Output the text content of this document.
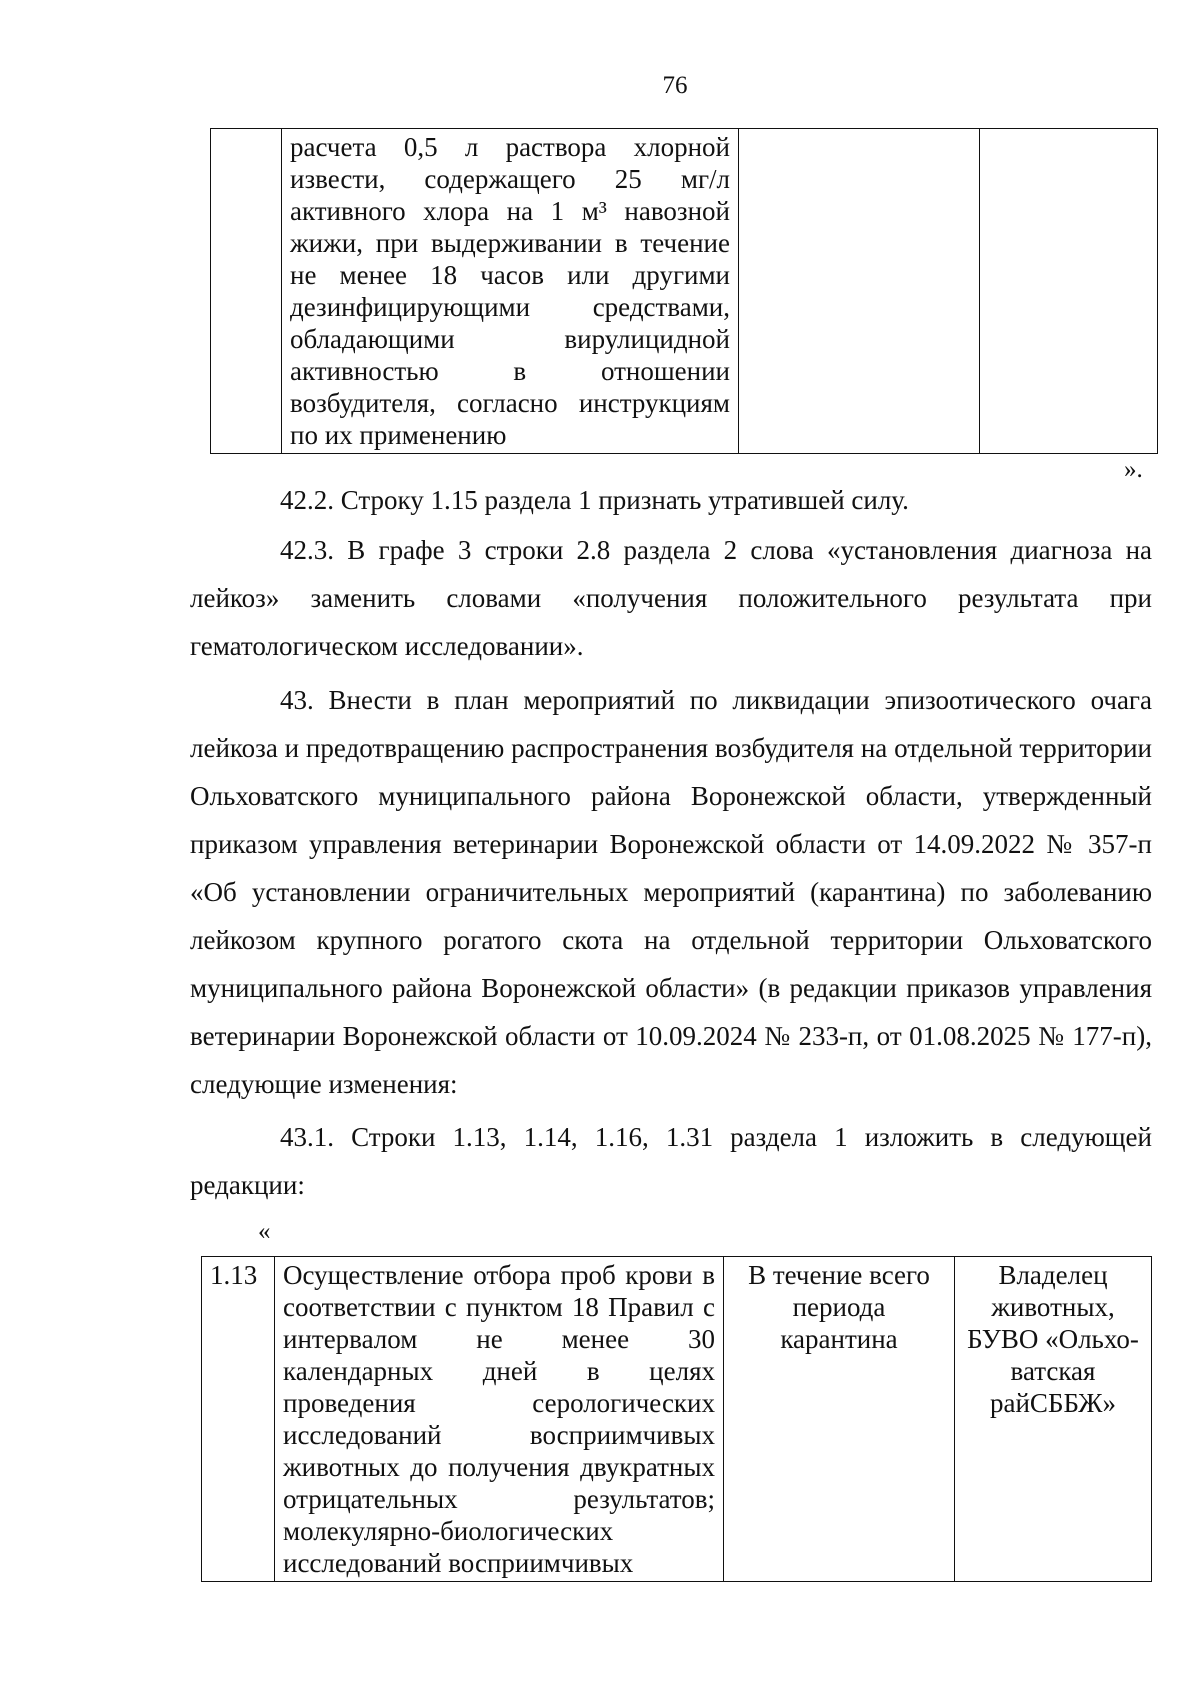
76
	расчета 0,5 л раствора хлорной извести, содержащего 25 мг/л активного хлора на 1 м³ навозной жижи, при выдерживании в течение не менее 18 часов или другими дезинфицирующими средствами, обладающими вирулицидной активностью в отношении возбудителя, согласно инструкциям по их применению		
».
42.2. Строку 1.15 раздела 1 признать утратившей силу.
42.3. В графе 3 строки 2.8 раздела 2 слова «установления диагноза на лейкоз» заменить словами «получения положительного результата при гематологическом исследовании».
43. Внести в план мероприятий по ликвидации эпизоотического очага лейкоза и предотвращению распространения возбудителя на отдельной территории Ольховатского муниципального района Воронежской области, утвержденный приказом управления ветеринарии Воронежской области от 14.09.2022 № 357-п «Об установлении ограничительных мероприятий (карантина) по заболеванию лейкозом крупного рогатого скота на отдельной территории Ольховатского муниципального района Воронежской области» (в редакции приказов управления ветеринарии Воронежской области от 10.09.2024 № 233-п, от 01.08.2025 № 177-п), следующие изменения:
43.1. Строки 1.13, 1.14, 1.16, 1.31 раздела 1 изложить в следующей редакции:
«
1.13	Осуществление отбора проб крови в соответствии с пунктом 18 Правил с интервалом не менее 30 календарных дней в целях проведения серологических исследований восприимчивых животных до получения двукратных отрицательных результатов; молекулярно-биологических исследований восприимчивых	В течение всего периода карантина	Владелец животных, БУВО «Ольхо-ватская райСББЖ»
